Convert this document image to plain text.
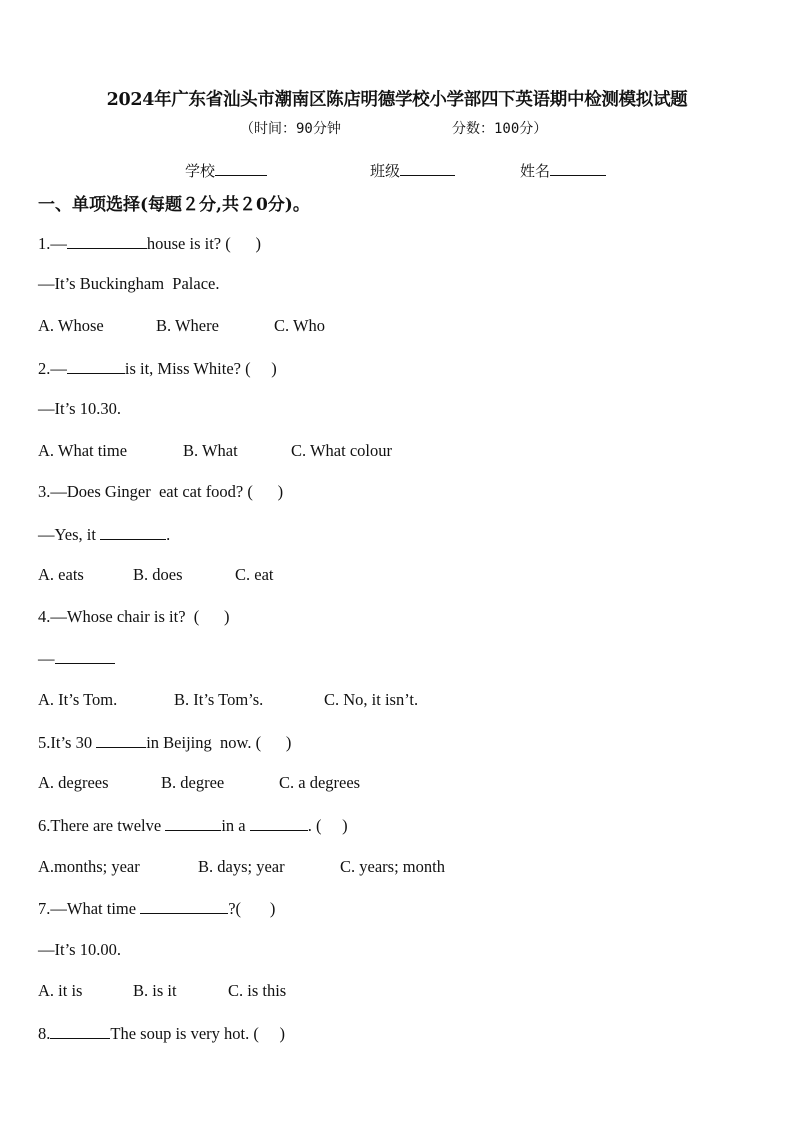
2024年广东省汕头市潮南区陈店明德学校小学部四下英语期中检测模拟试题
（时间：90分钟	分数：100分）
学校	班级	姓名
一、单项选择(每题２分,共２0分)。
1.—	house is it? (      )
—It’s Buckingham  Palace.
A. Whose	B. Where	C. Who
2.—	is it, Miss White? (     )
—It’s 10.30.
A. What time	B. What	C. What colour
3.—Does Ginger  eat cat food? (      )
—Yes, it	.
A. eats	B. does	C. eat
4.—Whose chair is it?  (      )
—
A. It’s Tom.	B. It’s Tom’s.	C. No, it isn’t.
5.It’s 30	in Beijing  now. (      )
A. degrees	B. degree	C. a degrees
6.There are twelve	in a	. (     )
A.months; year	B. days; year	C. years; month
7.—What time	?(       )
—It’s 10.00.
A. it is	B. is it	C. is this
8.	The soup is very hot. (     )
